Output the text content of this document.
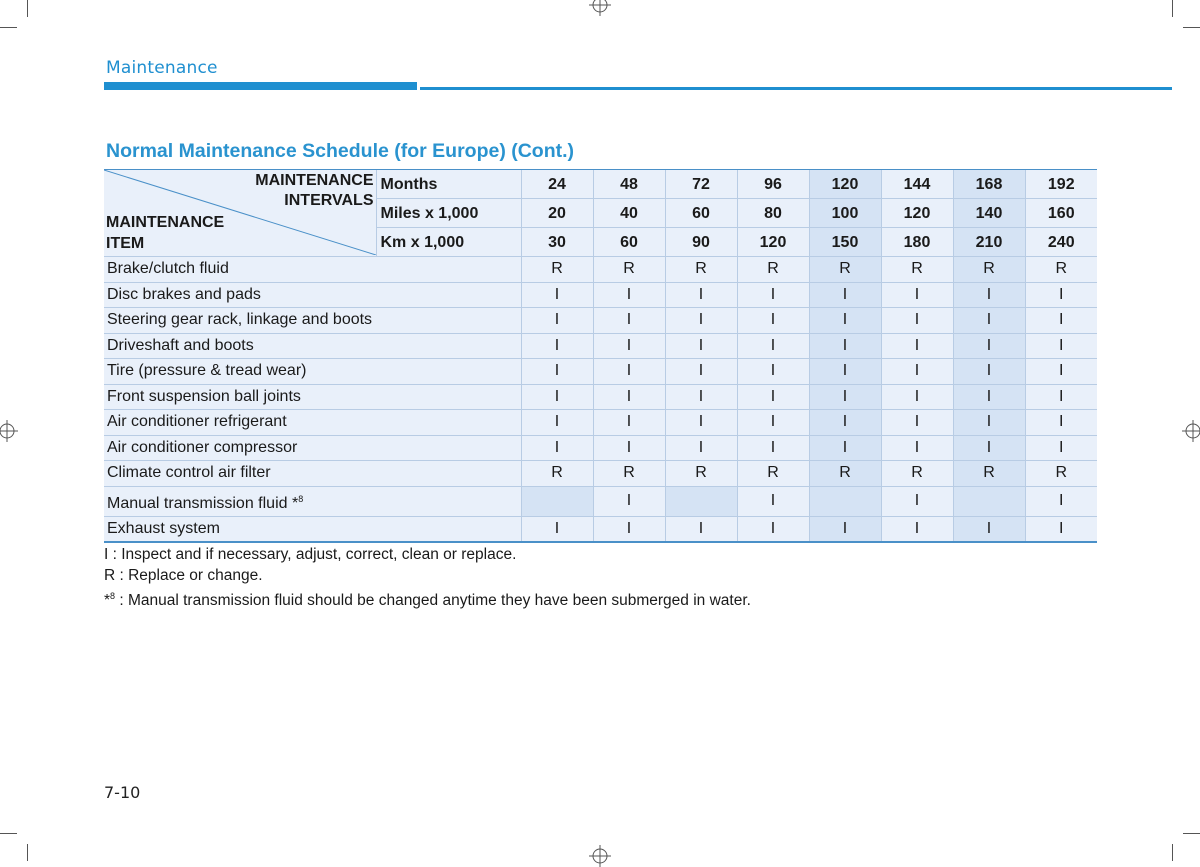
Maintenance
Normal Maintenance Schedule (for Europe) (Cont.)
MAINTENANCE
INTERVALS
MAINTENANCE
ITEM	Months	24	48	72	96	120	144	168	192
	Miles x 1,000	20	40	60	80	100	120	140	160
	Km x 1,000	30	60	90	120	150	180	210	240
Brake/clutch fluid		R	R	R	R	R	R	R	R
Disc brakes and pads		I	I	I	I	I	I	I	I
Steering gear rack, linkage and boots		I	I	I	I	I	I	I	I
Driveshaft and boots		I	I	I	I	I	I	I	I
Tire (pressure & tread wear)		I	I	I	I	I	I	I	I
Front suspension ball joints		I	I	I	I	I	I	I	I
Air conditioner refrigerant		I	I	I	I	I	I	I	I
Air conditioner compressor		I	I	I	I	I	I	I	I
Climate control air filter		R	R	R	R	R	R	R	R
Manual transmission fluid *$^8$			I		I		I		I
Exhaust system		I	I	I	I	I	I	I	I
I : Inspect and if necessary, adjust, correct, clean or replace.
R : Replace or change.
*$^8$ : Manual transmission fluid should be changed anytime they have been submerged in water.
7-10
